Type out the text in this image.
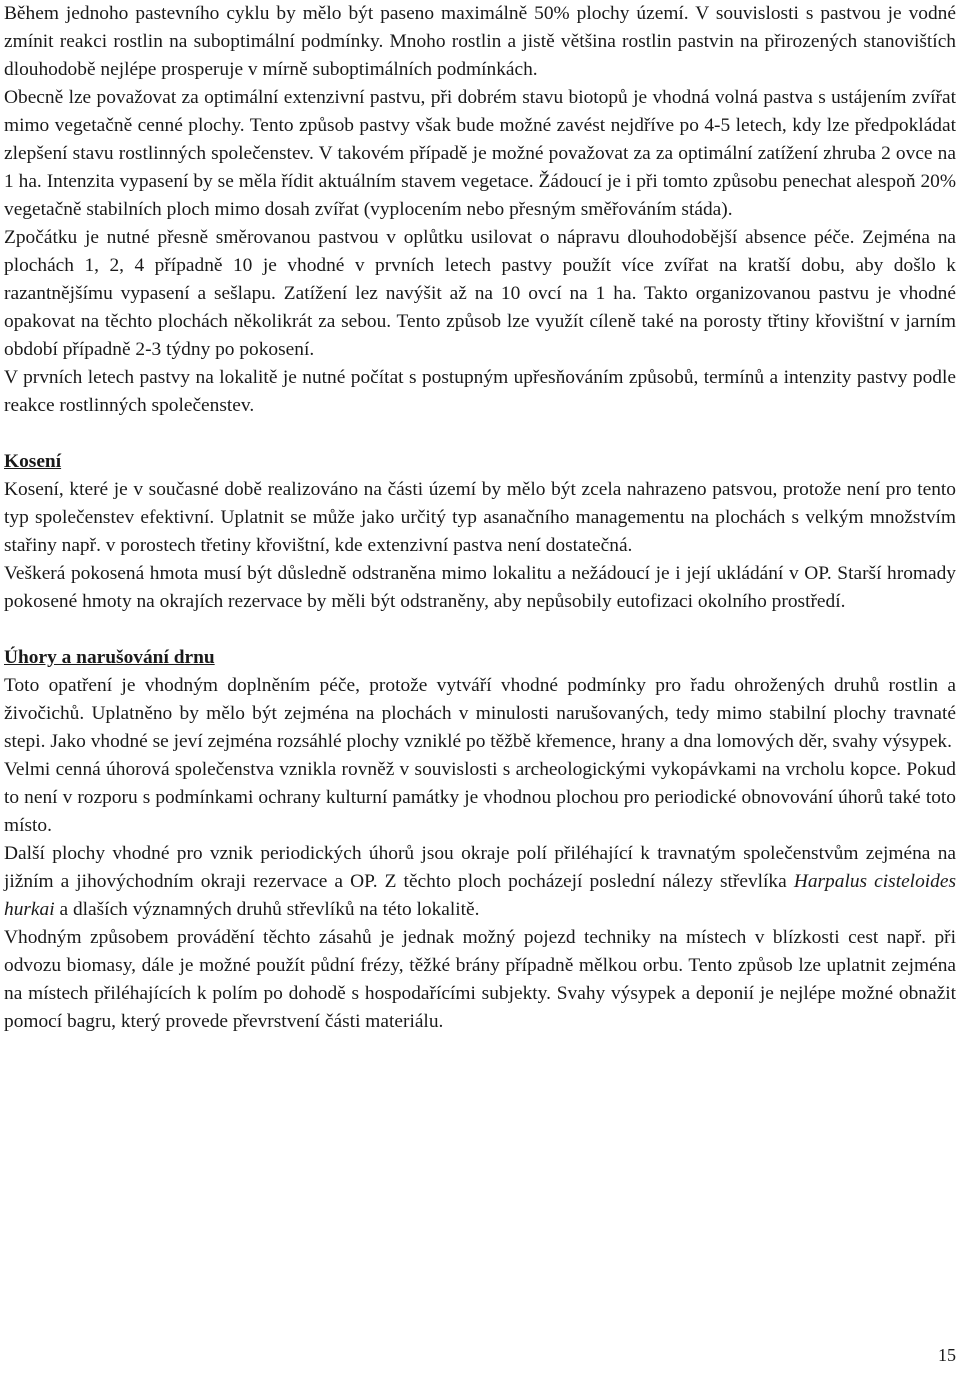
Během jednoho pastevního cyklu by mělo být paseno maximálně 50% plochy území. V souvislosti s pastvou je vodné zmínit reakci rostlin na suboptimální podmínky. Mnoho rostlin a jistě většina rostlin pastvin na přirozených stanovištích dlouhodobě nejlépe prosperuje v mírně suboptimálních podmínkách.

Obecně lze považovat za optimální extenzivní pastvu, při dobrém stavu biotopů je vhodná volná pastva s ustájením zvířat mimo vegetačně cenné plochy. Tento způsob pastvy však bude možné zavést nejdříve po 4-5 letech, kdy lze předpokládat zlepšení stavu rostlinných společenstev. V takovém případě je možné považovat za za optimální zatížení zhruba 2 ovce na 1 ha. Intenzita vypasení by se měla řídit aktuálním stavem vegetace. Žádoucí je i při tomto způsobu penechat alespoň 20% vegetačně stabilních ploch mimo dosah zvířat (vyplocením nebo přesným směřováním stáda).

Zpočátku je nutné přesně směrovanou pastvou v oplůtku usilovat o nápravu dlouhodobější absence péče. Zejména na plochách 1, 2, 4 případně 10 je vhodné v prvních letech pastvy použít více zvířat na kratší dobu, aby došlo k razantnějšímu vypasení a sešlapu. Zatížení lez navýšit až na 10 ovcí na 1 ha. Takto organizovanou pastvu je vhodné opakovat na těchto plochách několikrát za sebou. Tento způsob lze využít cíleně také na porosty třtiny křovištní v jarním období případně 2-3 týdny po pokosení.

V prvních letech pastvy na lokalitě je nutné počítat s postupným upřesňováním způsobů, termínů a intenzity pastvy podle reakce rostlinných společenstev.

Kosení

Kosení, které je v současné době realizováno na části území by mělo být zcela nahrazeno patsvou, protože není pro tento typ společenstev efektivní. Uplatnit se může jako určitý typ asanačního managementu na plochách s velkým množstvím stařiny např. v porostech třetiny křovištní, kde extenzivní pastva není dostatečná.

Veškerá pokosená hmota musí být důsledně odstraněna mimo lokalitu a nežádoucí je i její ukládání v OP. Starší hromady pokosené hmoty na okrajích rezervace by měli být odstraněny, aby nepůsobily eutofizaci okolního prostředí.

Úhory a narušování drnu

Toto opatření je vhodným doplněním péče, protože vytváří vhodné podmínky pro řadu ohrožených druhů rostlin a živočichů. Uplatněno by mělo být zejména na plochách v minulosti narušovaných, tedy mimo stabilní plochy travnaté stepi. Jako vhodné se jeví zejména rozsáhlé plochy vzniklé po těžbě křemence, hrany a dna lomových děr, svahy výsypek.

Velmi cenná úhorová společenstva vznikla rovněž v souvislosti s archeologickými vykopávkami na vrcholu kopce. Pokud to není v rozporu s podmínkami ochrany kulturní památky je vhodnou plochou pro periodické obnovování úhorů také toto místo.

Další plochy vhodné pro vznik periodických úhorů jsou okraje polí přiléhající k travnatým společenstvům zejména na jižním a jihovýchodním okraji rezervace a OP. Z těchto ploch pocházejí poslední nálezy střevlíka Harpalus cisteloides hurkai a dlaších významných druhů střevlíků na této lokalitě.

Vhodným způsobem provádění těchto zásahů je jednak možný pojezd techniky na místech v blízkosti cest např. při odvozu biomasy, dále je možné použít půdní frézy, těžké brány případně mělkou orbu. Tento způsob lze uplatnit zejména na místech přiléhajících k polím po dohodě s hospodařícími subjekty. Svahy výsypek a deponií je nejlépe možné obnažit pomocí bagru, který provede převrstvení části materiálu.

15
